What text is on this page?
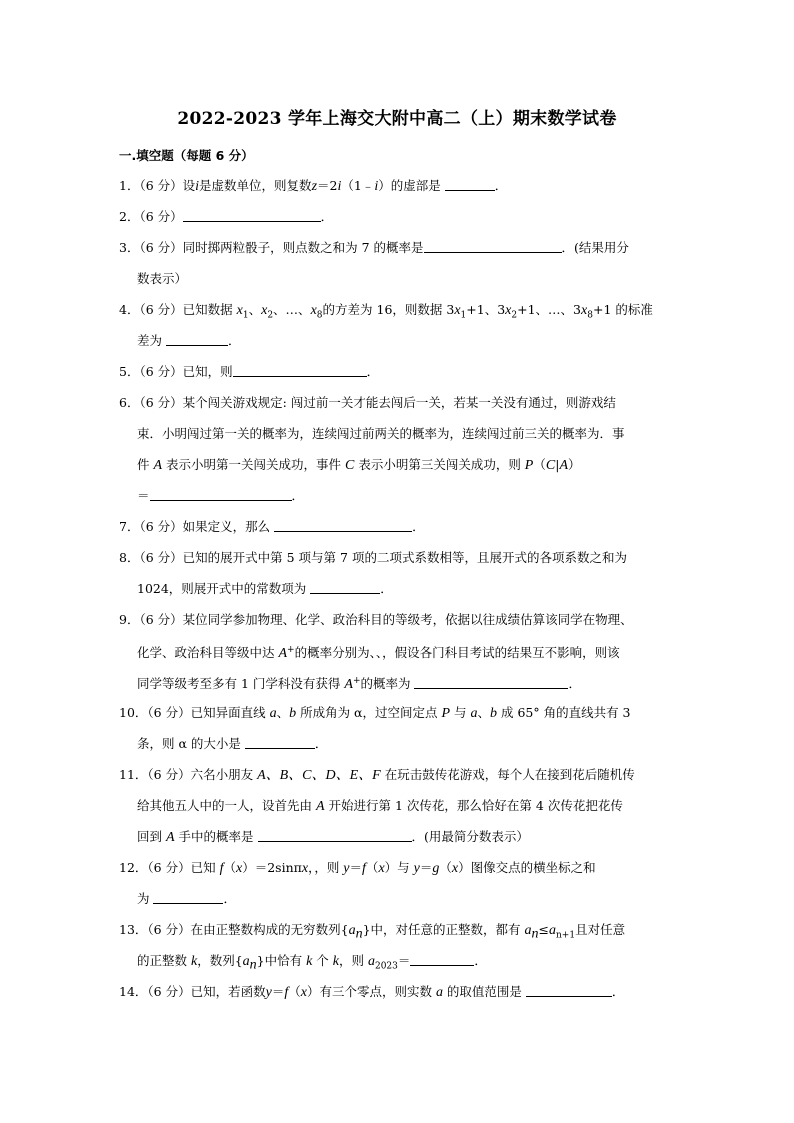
2022-2023 学年上海交大附中高二（上）期末数学试卷
一.填空题（每题 6 分）
1．（6 分）设i是虚数单位，则复数z＝2i（1﹣i）的虚部是	．
2．（6 分）	．
3．（6 分）同时掷两粒骰子，则点数之和为 7 的概率是	．(结果用分
数表示）
4．（6 分）已知数据 $x_1$、$x_2$、…、$x_8$的方差为 16，则数据 $3x_1+1$、$3x_2+1$、…、$3x_8+1$ 的标准
差为	．
5．（6 分）已知，则	．
6．（6 分）某个闯关游戏规定: 闯过前一关才能去闯后一关，若某一关没有通过，则游戏结
束．小明闯过第一关的概率为，连续闯过前两关的概率为，连续闯过前三关的概率为．事
件 A 表示小明第一关闯关成功，事件 C 表示小明第三关闯关成功，则 P（C|A）
＝	．
7．（6 分）如果定义，那么	．
8．（6 分）已知的展开式中第 5 项与第 7 项的二项式系数相等，且展开式的各项系数之和为
1024，则展开式中的常数项为	．
9．（6 分）某位同学参加物理、化学、政治科目的等级考，依据以往成绩估算该同学在物理、
化学、政治科目等级中达 A+的概率分别为、、，假设各门科目考试的结果互不影响，则该
同学等级考至多有 1 门学科没有获得 A+的概率为	．
10．（6 分）已知异面直线 a、b 所成角为 α，过空间定点 P 与 a、b 成 65° 角的直线共有 3
条，则 α 的大小是	．
11．（6 分）六名小朋友 A、B、C、D、E、F 在玩击鼓传花游戏，每个人在接到花后随机传
给其他五人中的一人，设首先由 A 开始进行第 1 次传花，那么恰好在第 4 次传花把花传
回到 A 手中的概率是	．(用最简分数表示）
12．（6 分）已知 f（x）＝2sinπx，，则 y＝f（x）与 y＝g（x）图像交点的横坐标之和
为	．
13．（6 分）在由正整数构成的无穷数列$\{a_n\}$中，对任意的正整数，都有 $a_n\le a_{n+1}$且对任意
的正整数 k，数列$\{a_n\}$中恰有 k 个 k，则 $a_{2023}=$	．
14．（6 分）已知，若函数y＝f（x）有三个零点，则实数 a 的取值范围是	．
